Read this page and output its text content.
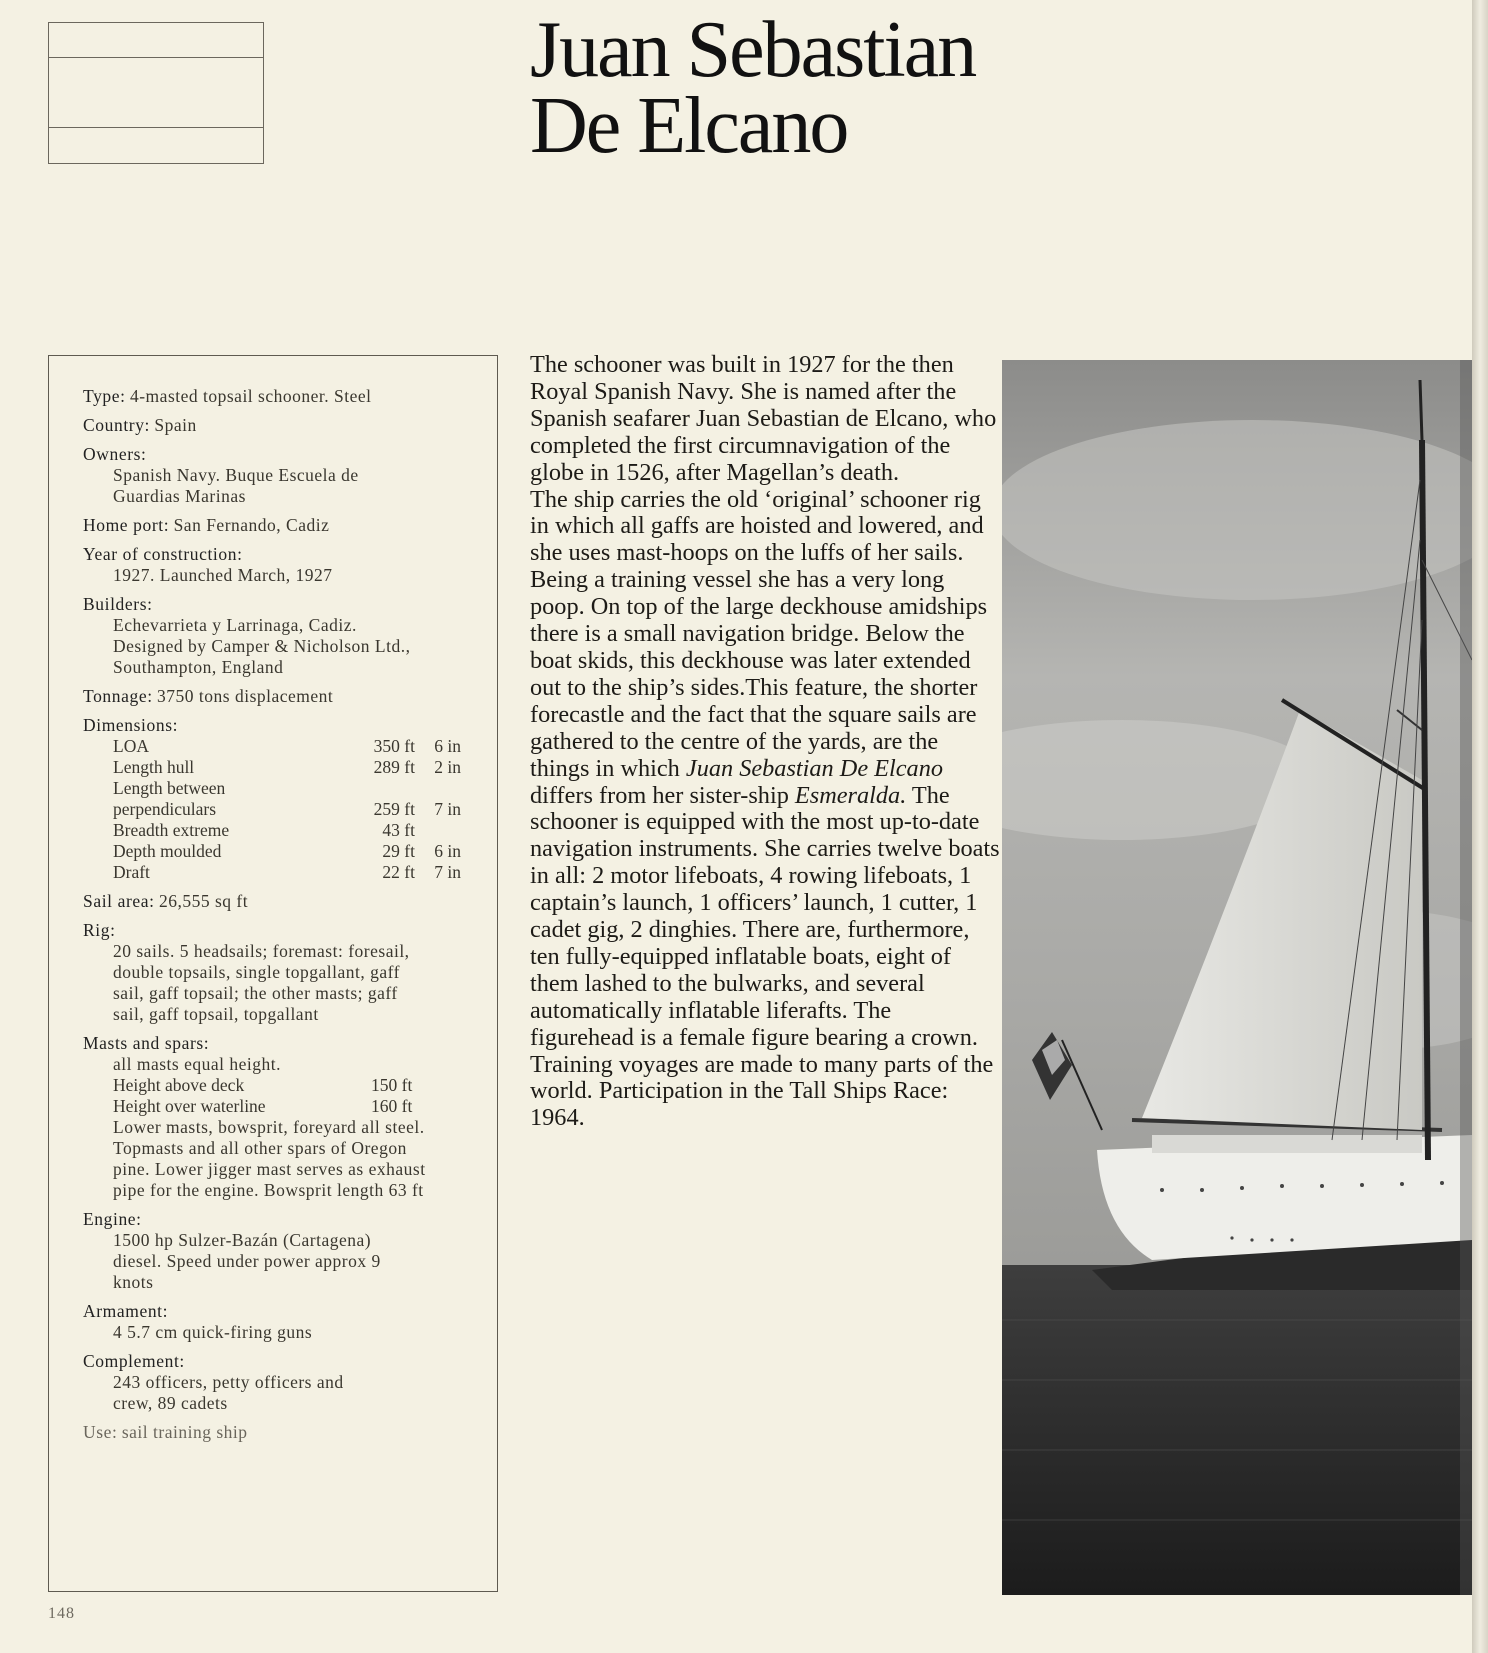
Juan Sebastian
De Elcano
Type: 4-masted topsail schooner. Steel
Country: Spain
Owners:
Spanish Navy. Buque Escuela de Guardias Marinas
Home port: San Fernando, Cadiz
Year of construction:
1927. Launched March, 1927
Builders:
Echevarrieta y Larrinaga, Cadiz. Designed by Camper & Nicholson Ltd., Southampton, England
Tonnage: 3750 tons displacement
Dimensions:
LOA	350 ft	6 in
Length hull	289 ft	2 in
Length between
perpendiculars	259 ft	7 in
Breadth extreme	43 ft
Depth moulded	29 ft	6 in
Draft	22 ft	7 in
Sail area: 26,555 sq ft
Rig:
20 sails. 5 headsails; foremast: foresail, double topsails, single topgallant, gaff sail, gaff topsail; the other masts; gaff sail, gaff topsail, topgallant
Masts and spars:
all masts equal height.
Height above deck	150 ft
Height over waterline	160 ft
Lower masts, bowsprit, foreyard all steel. Topmasts and all other spars of Oregon pine. Lower jigger mast serves as exhaust pipe for the engine. Bowsprit length 63 ft
Engine:
1500 hp Sulzer-Bazán (Cartagena) diesel. Speed under power approx 9 knots
Armament:
4 5.7 cm quick-firing guns
Complement:
243 officers, petty officers and crew, 89 cadets
Use: sail training ship

The schooner was built in 1927 for the then Royal Spanish Navy. She is named after the Spanish seafarer Juan Sebastian de Elcano, who completed the first circumnavigation of the globe in 1526, after Magellan’s death.

The ship carries the old ‘original’ schooner rig in which all gaffs are hoisted and lowered, and she uses mast-hoops on the luffs of her sails. Being a training vessel she has a very long poop. On top of the large deckhouse amidships there is a small navigation bridge. Below the boat skids, this deckhouse was later extended out to the ship’s sides.This feature, the shorter forecastle and the fact that the square sails are gathered to the centre of the yards, are the things in which Juan Sebastian De Elcano differs from her sister-ship Esmeralda. The schooner is equipped with the most up-to-date navigation instruments. She carries twelve boats in all: 2 motor lifeboats, 4 rowing lifeboats, 1 captain’s launch, 1 officers’ launch, 1 cutter, 1 cadet gig, 2 dinghies. There are, furthermore, ten fully-equipped inflatable boats, eight of them lashed to the bulwarks, and several automatically inflatable liferafts. The figurehead is a female figure bearing a crown.

Training voyages are made to many parts of the world. Participation in the Tall Ships Race: 1964.

148
